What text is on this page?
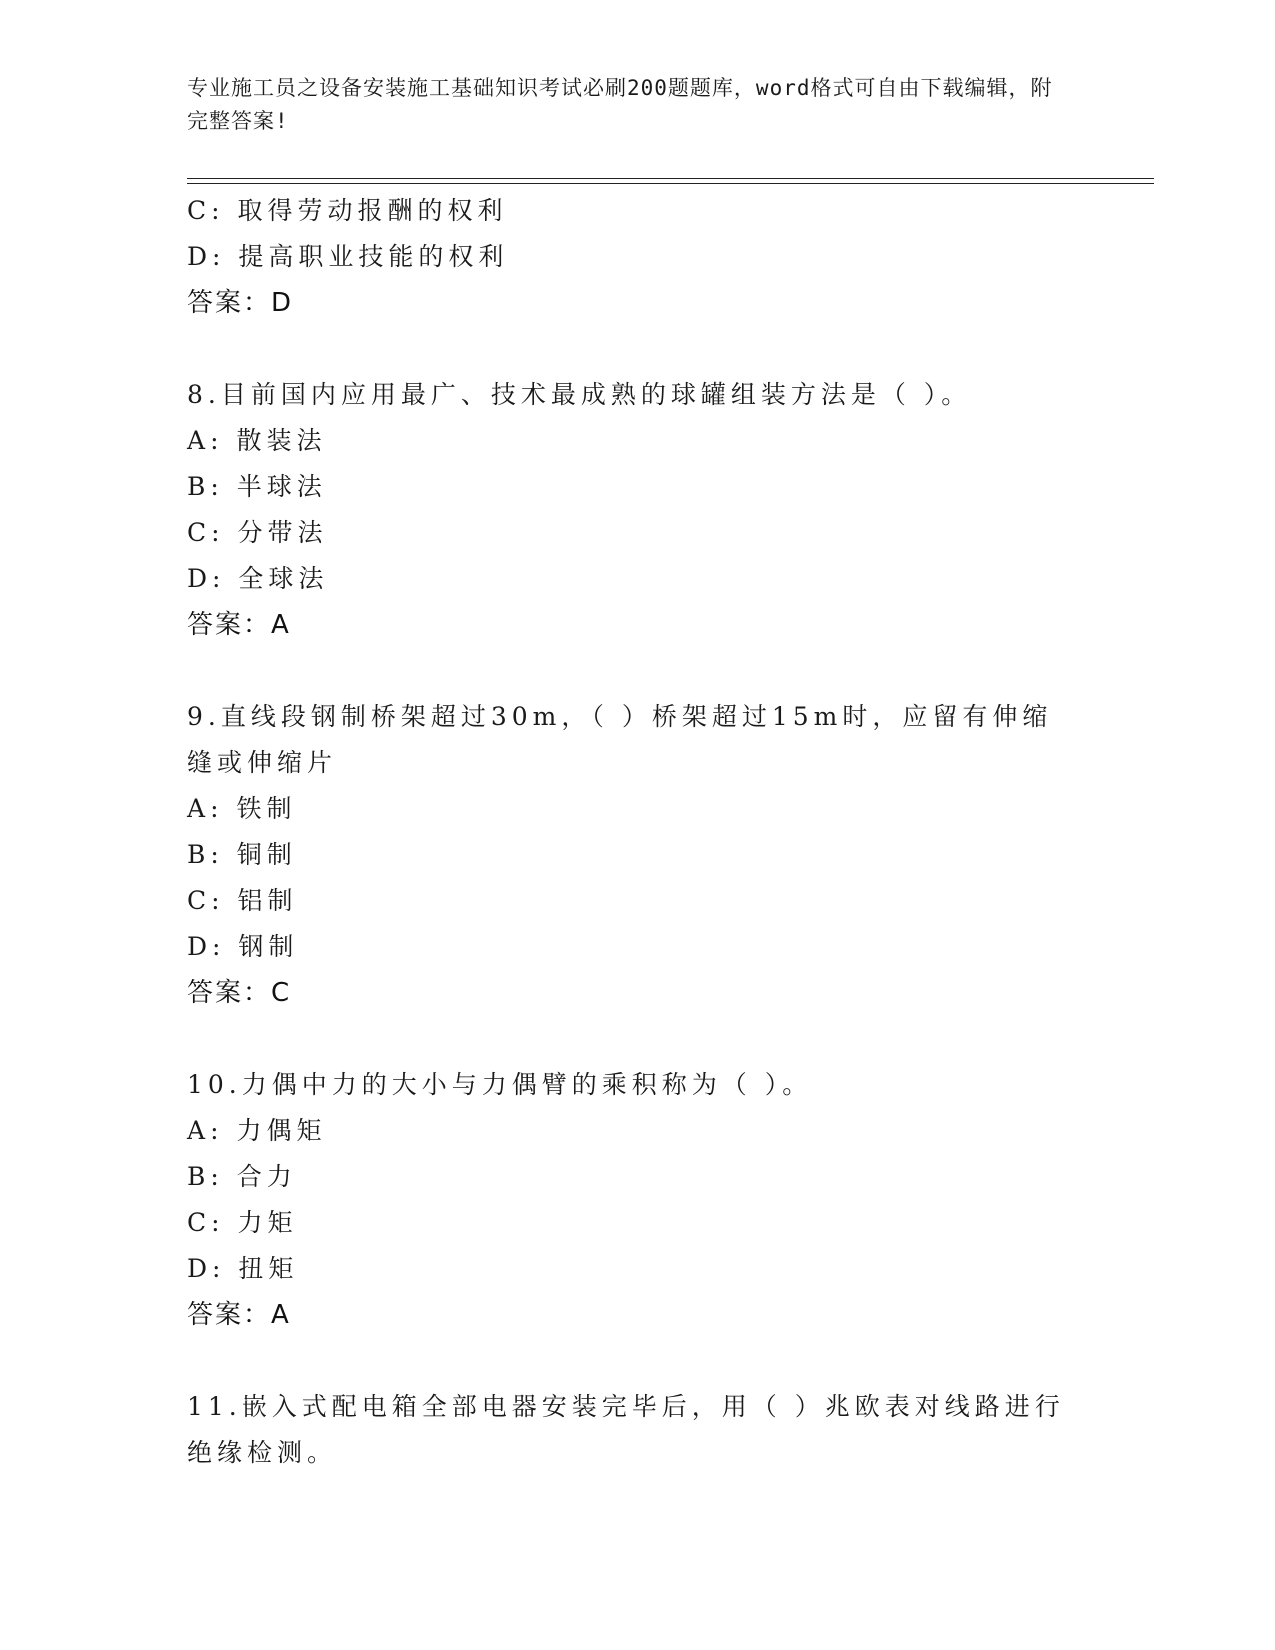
专业施工员之设备安装施工基础知识考试必刷200题题库，word格式可自由下载编辑，附完整答案!
C: 取得劳动报酬的权利
D: 提高职业技能的权利
答案：D
8.目前国内应用最广、技术最成熟的球罐组装方法是（ ）。
A: 散装法
B: 半球法
C: 分带法
D: 全球法
答案：A
9.直线段钢制桥架超过30m，（ ）桥架超过15m时，应留有伸缩缝或伸缩片
A: 铁制
B: 铜制
C: 铝制
D: 钢制
答案：C
10.力偶中力的大小与力偶臂的乘积称为（ ）。
A: 力偶矩
B: 合力
C: 力矩
D: 扭矩
答案：A
11.嵌入式配电箱全部电器安装完毕后，用（ ）兆欧表对线路进行绝缘检测。
